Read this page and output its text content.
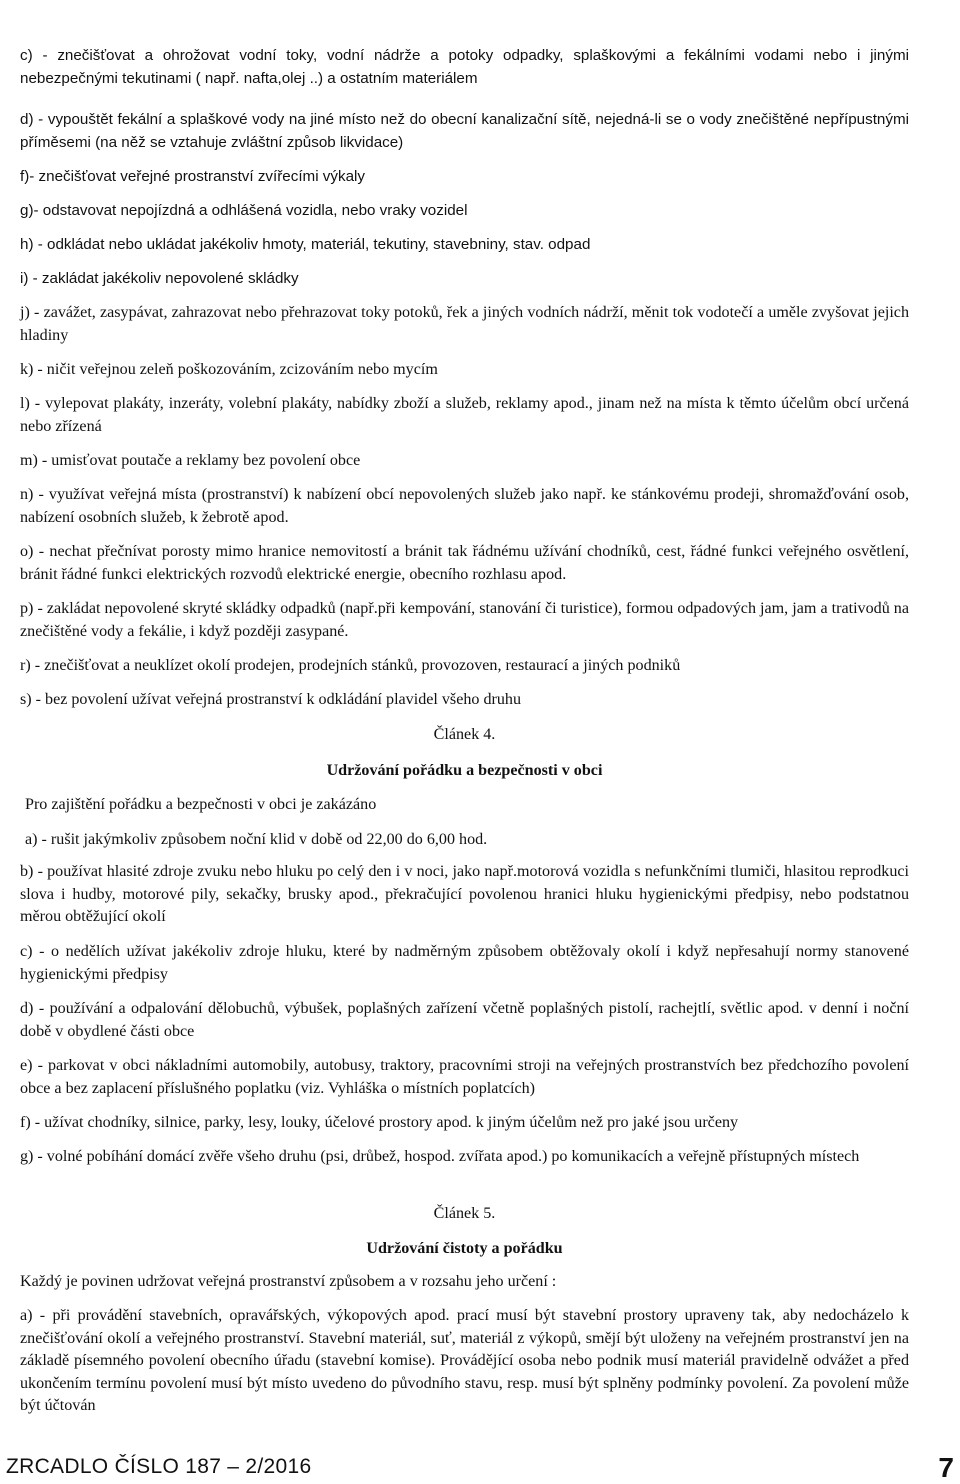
c) - znečišťovat a ohrožovat vodní toky, vodní nádrže a potoky odpadky, splaškovými a fekálními vodami nebo i jinými nebezpečnými tekutinami ( např. nafta,olej ..) a ostatním materiálem

d) - vypouštět fekální a splaškové vody na jiné místo než do obecní kanalizační sítě, nejedná-li se o vody znečištěné nepřípustnými příměsemi (na něž se vztahuje zvláštní způsob likvidace)

f)- znečišťovat veřejné prostranství zvířecími výkaly

g)- odstavovat nepojízdná a odhlášená vozidla, nebo vraky vozidel

h) - odkládat nebo ukládat jakékoliv hmoty, materiál, tekutiny, stavebniny, stav. odpad

i) - zakládat jakékoliv nepovolené skládky

j) - zavážet, zasypávat, zahrazovat nebo přehrazovat toky potoků, řek a jiných vodních nádrží, měnit tok vodotečí a uměle zvyšovat jejich hladiny

k) - ničit veřejnou zeleň poškozováním, zcizováním nebo mycím

l) - vylepovat plakáty, inzeráty, volební plakáty, nabídky zboží a služeb, reklamy apod., jinam než na místa k těmto účelům obcí určená nebo zřízená

m) - umisťovat poutače a reklamy bez povolení obce

n) - využívat veřejná místa (prostranství) k nabízení obcí nepovolených služeb jako např. ke stánkovému prodeji, shromažďování osob, nabízení osobních služeb, k žebrotě apod.

o) - nechat přečnívat porosty mimo hranice nemovitostí a bránit tak řádnému užívání chodníků, cest, řádné funkci veřejného osvětlení, bránit řádné funkci elektrických rozvodů elektrické energie, obecního rozhlasu apod.

p) - zakládat nepovolené skryté skládky odpadků (např.při kempování, stanování či turistice), formou odpadových jam, jam a trativodů na znečištěné vody a fekálie, i když později zasypané.

r) - znečišťovat a neuklízet okolí prodejen, prodejních stánků, provozoven, restaurací a jiných podniků

s) - bez povolení užívat veřejná prostranství k odkládání plavidel všeho druhu

Článek 4.

Udržování pořádku a bezpečnosti v obci

Pro zajištění pořádku a bezpečnosti v obci je zakázáno

a) - rušit jakýmkoliv způsobem noční klid v době od 22,00 do 6,00 hod.

b) - používat hlasité zdroje zvuku nebo hluku po celý den i v noci, jako např.motorová vozidla s nefunkčními tlumiči, hlasitou reprodkuci slova i hudby, motorové pily, sekačky, brusky apod., překračující povolenou hranici hluku hygienickými předpisy, nebo podstatnou měrou obtěžující okolí

c) - o nedělích užívat jakékoliv zdroje hluku, které by nadměrným způsobem obtěžovaly okolí i když nepřesahují normy stanovené hygienickými předpisy

d) - používání a odpalování dělobuchů, výbušek, poplašných zařízení včetně poplašných pistolí, rachejtlí, světlic apod. v denní i noční době v obydlené části obce

e) - parkovat v obci nákladními automobily, autobusy, traktory, pracovními stroji na veřejných prostranstvích bez předchozího povolení obce a bez zaplacení příslušného poplatku (viz. Vyhláška o místních poplatcích)

f) - užívat chodníky, silnice, parky, lesy, louky, účelové prostory apod. k jiným účelům než pro jaké jsou určeny

g) - volné pobíhání domácí zvěře všeho druhu (psi, drůbež, hospod. zvířata apod.) po komunikacích a veřejně přístupných místech

Článek 5.

Udržování čistoty a pořádku

Každý je povinen udržovat veřejná prostranství způsobem a v rozsahu jeho určení :

a) - při provádění stavebních, opravářských, výkopových apod. prací musí být stavební prostory upraveny tak, aby nedocházelo k znečišťování okolí a veřejného prostranství. Stavební materiál, suť, materiál z výkopů, smějí být uloženy na veřejném prostranství jen na základě písemného povolení obecního úřadu (stavební komise). Provádějící osoba nebo podnik musí materiál pravidelně odvážet a před ukončením termínu povolení musí být místo uvedeno do původního stavu, resp. musí být splněny podmínky povolení. Za povolení může být účtován

ZRCADLO ČÍSLO 187 – 2/2016	7
